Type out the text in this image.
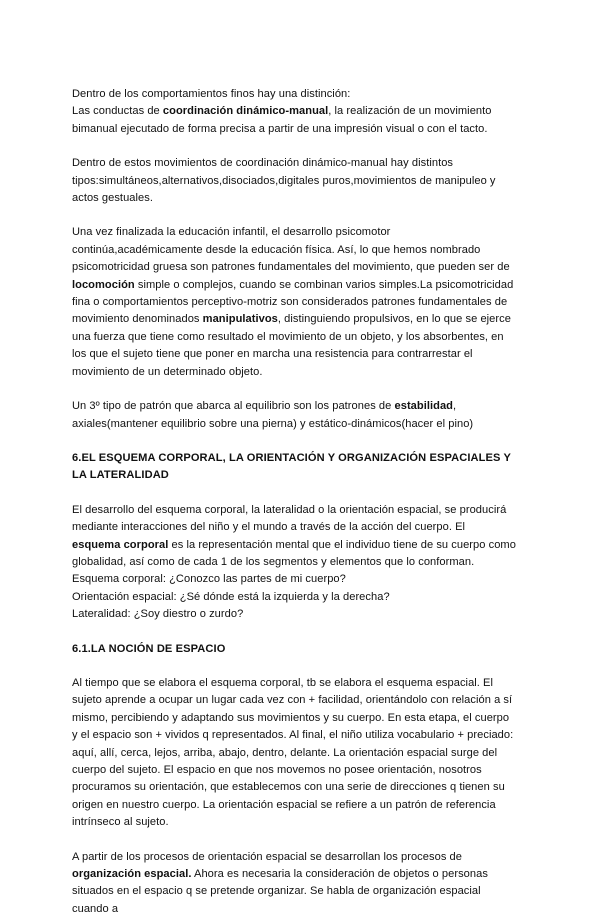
Dentro de los comportamientos finos hay una distinción:
Las conductas de coordinación dinámico-manual, la realización de un movimiento bimanual ejecutado de forma precisa a partir de una impresión visual o con el tacto.

Dentro de estos movimientos de coordinación dinámico-manual hay distintos tipos:simultáneos,alternativos,disociados,digitales puros,movimientos de manipuleo y actos gestuales.

Una vez finalizada la educación infantil, el desarrollo psicomotor continúa,académicamente desde la educación física. Así, lo que hemos nombrado psicomotricidad gruesa son patrones fundamentales del movimiento, que pueden ser de locomoción simple o complejos, cuando se combinan varios simples.La psicomotricidad fina o comportamientos perceptivo-motriz son considerados patrones fundamentales de movimiento denominados manipulativos, distinguiendo propulsivos, en lo que se ejerce una fuerza que tiene como resultado el movimiento de un objeto, y los absorbentes, en los que el sujeto tiene que poner en marcha una resistencia para contrarrestar el movimiento de un determinado objeto.

Un 3º tipo de patrón que abarca al equilibrio son los patrones de estabilidad, axiales(mantener equilibrio sobre una pierna) y estático-dinámicos(hacer el pino)

6.EL ESQUEMA CORPORAL, LA ORIENTACIÓN Y ORGANIZACIÓN ESPACIALES Y LA LATERALIDAD

El desarrollo del esquema corporal, la lateralidad o la orientación espacial, se producirá mediante interacciones del niño y el mundo a través de la acción del cuerpo. El esquema corporal es la representación mental que el individuo tiene de su cuerpo como globalidad, así como de cada 1 de los segmentos y elementos que lo conforman.
Esquema corporal: ¿Conozco las partes de mi cuerpo?
Orientación espacial: ¿Sé dónde está la izquierda y la derecha?
Lateralidad: ¿Soy diestro o zurdo?

6.1.LA NOCIÓN DE ESPACIO

Al tiempo que se elabora el esquema corporal, tb se elabora el esquema espacial. El sujeto aprende a ocupar un lugar cada vez con + facilidad, orientándolo con relación a sí mismo, percibiendo y adaptando sus movimientos y su cuerpo. En esta etapa, el cuerpo y el espacio son + vividos q representados. Al final, el niño utiliza vocabulario + preciado: aquí, allí, cerca, lejos, arriba, abajo, dentro, delante. La orientación espacial surge del cuerpo del sujeto. El espacio en que nos movemos no posee orientación, nosotros procuramos su orientación, que establecemos con una serie de direcciones q tienen su origen en nuestro cuerpo. La orientación espacial se refiere a un patrón de referencia intrínseco al sujeto.

A partir de los procesos de orientación espacial se desarrollan los procesos de organización espacial. Ahora es necesaria la consideración de objetos o personas situados en el espacio q se pretende organizar. Se habla de organización espacial cuando a
